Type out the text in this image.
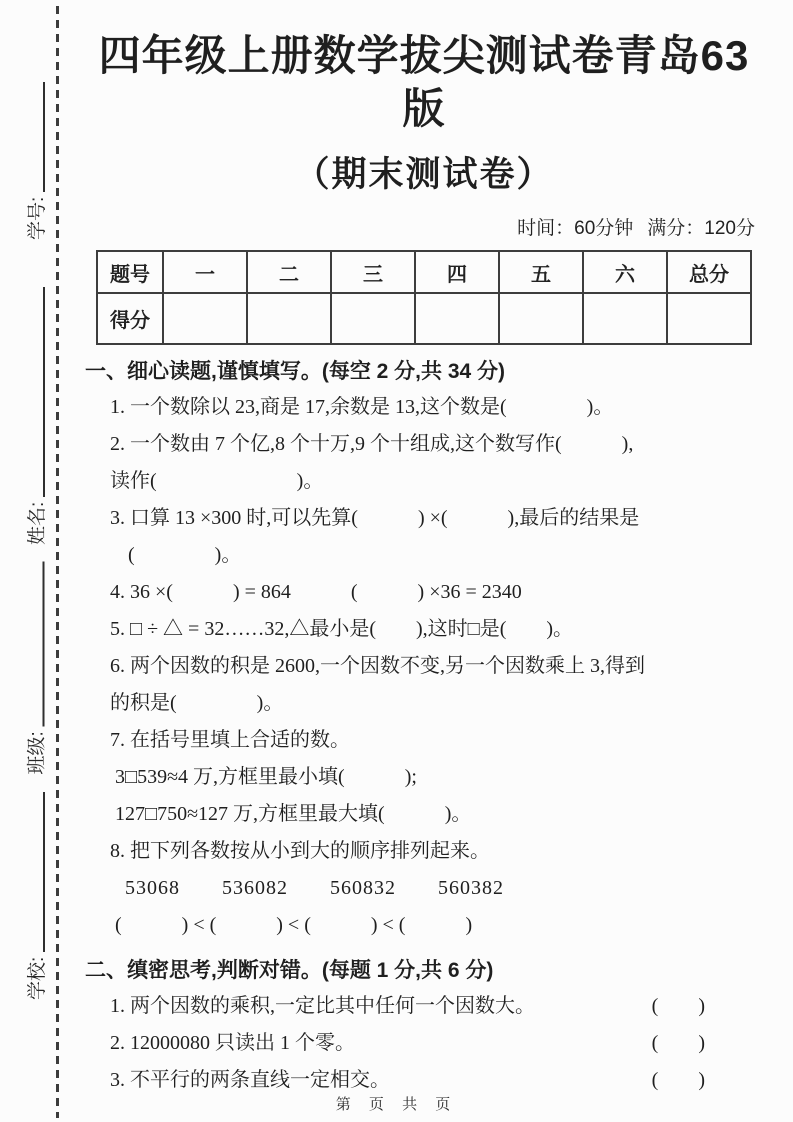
学号:
姓名:
班级:
学校:
四年级上册数学拔尖测试卷青岛63版
（期末测试卷）
时间：60分钟 满分：120分
题号	一	二	三	四	五	六	总分
得分							
一、细心读题,谨慎填写。(每空 2 分,共 34 分)
1. 一个数除以 23,商是 17,余数是 13,这个数是(　　　　)。
2. 一个数由 7 个亿,8 个十万,9 个十组成,这个数写作(　　　),
读作(　　　　　　　)。
3. 口算 13 ×300 时,可以先算(　　　) ×(　　　),最后的结果是
(　　　　)。
4. 36 ×(　　　) = 864　　　(　　　) ×36 = 2340
5. □ ÷ △ = 32……32,△最小是(　　),这时□是(　　)。
6. 两个因数的积是 2600,一个因数不变,另一个因数乘上 3,得到
的积是(　　　　)。
7. 在括号里填上合适的数。
3□539≈4 万,方框里最小填(　　　);
127□750≈127 万,方框里最大填(　　　)。
8. 把下列各数按从小到大的顺序排列起来。
53068　　536082　　560832　　560382
(　　　) < (　　　) < (　　　) < (　　　)
二、缜密思考,判断对错。(每题 1 分,共 6 分)
1. 两个因数的乘积,一定比其中任何一个因数大。	(　　)
2. 12000080 只读出 1 个零。	(　　)
3. 不平行的两条直线一定相交。	(　　)
第 页 共 页
